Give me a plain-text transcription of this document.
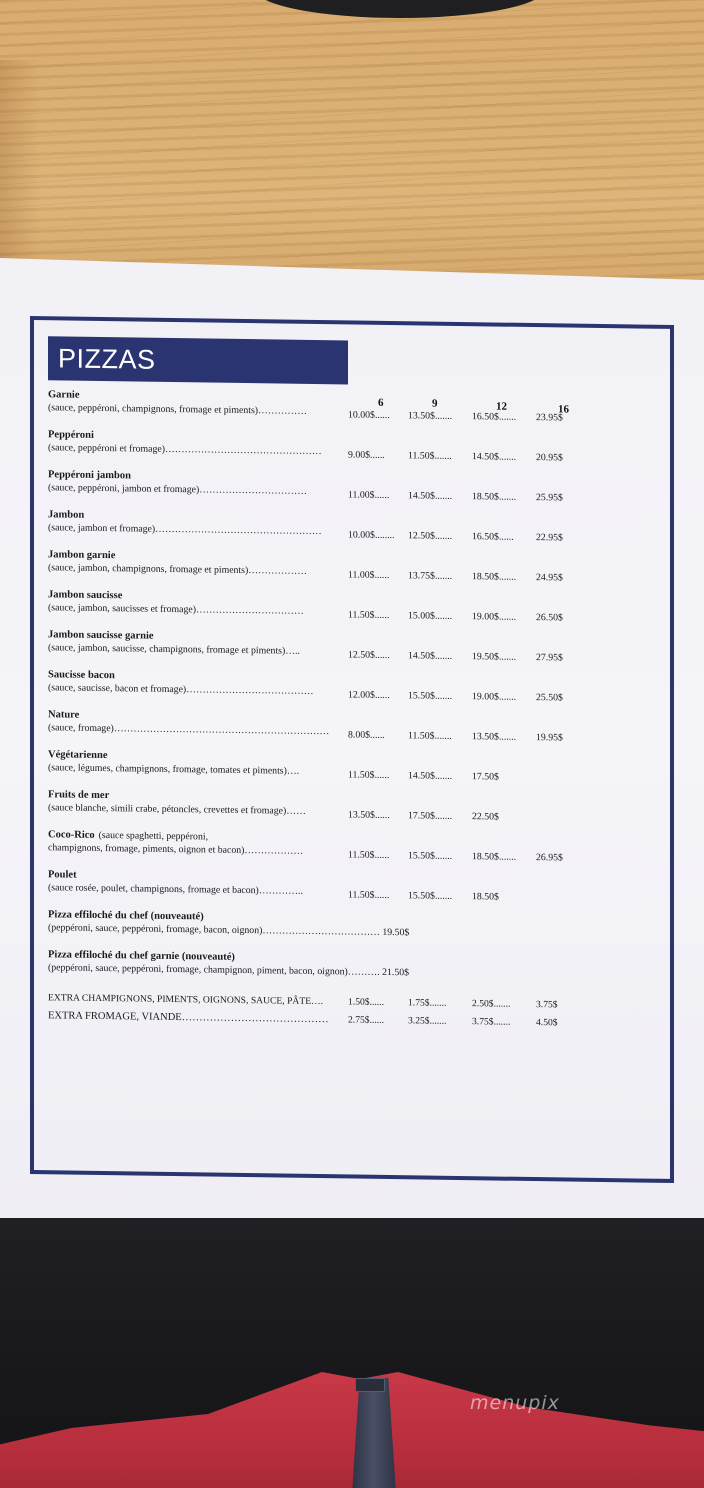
PIZZAS
6	9	12	16
Garnie
(sauce, peppéroni, champignons, fromage et piments)……………	10.00$...... 13.50$....... 16.50$....... 23.95$
Peppéroni
(sauce, peppéroni et fromage)…………………………………………	9.00$...... 11.50$....... 14.50$....... 20.95$
Peppéroni jambon
(sauce, peppéroni, jambon et fromage)……………………………	11.00$...... 14.50$....... 18.50$....... 25.95$
Jambon
(sauce, jambon et fromage)……………………………………………	10.00$........ 12.50$....... 16.50$...... 22.95$
Jambon garnie
(sauce, jambon, champignons, fromage et piments)………………	11.00$...... 13.75$....... 18.50$....... 24.95$
Jambon saucisse
(sauce, jambon, saucisses et fromage)……………………………	11.50$...... 15.00$....... 19.00$....... 26.50$
Jambon saucisse garnie
(sauce, jambon, saucisse, champignons, fromage et piments)…..	12.50$...... 14.50$....... 19.50$....... 27.95$
Saucisse bacon
(sauce, saucisse, bacon et fromage)…………………………………	12.00$...... 15.50$....... 19.00$....... 25.50$
Nature
(sauce, fromage)…………………………………………………………	8.00$...... 11.50$....... 13.50$....... 19.95$
Végétarienne
(sauce, légumes, champignons, fromage, tomates et piments)….	11.50$...... 14.50$....... 17.50$
Fruits de mer
(sauce blanche, simili crabe, pétoncles, crevettes et fromage)……	13.50$...... 17.50$....... 22.50$
Coco-Rico (sauce spaghetti, peppéroni,
champignons, fromage, piments, oignon et bacon)………………	11.50$...... 15.50$....... 18.50$....... 26.95$
Poulet
(sauce rosée, poulet, champignons, fromage et bacon)…………..	11.50$...... 15.50$....... 18.50$
Pizza effiloché du chef (nouveauté)
(peppéroni, sauce, peppéroni, fromage, bacon, oignon)……………………………… 19.50$
Pizza effiloché du chef garnie (nouveauté)
(peppéroni, sauce, peppéroni, fromage, champignon, piment, bacon, oignon)………. 21.50$
EXTRA CHAMPIGNONS, PIMENTS, OIGNONS, SAUCE, PÂTE….	1.50$......	1.75$.......	2.50$.......	3.75$
EXTRA FROMAGE, VIANDE…………………………………… 2.75$......	3.25$.......	3.75$.......	4.50$
menupix
